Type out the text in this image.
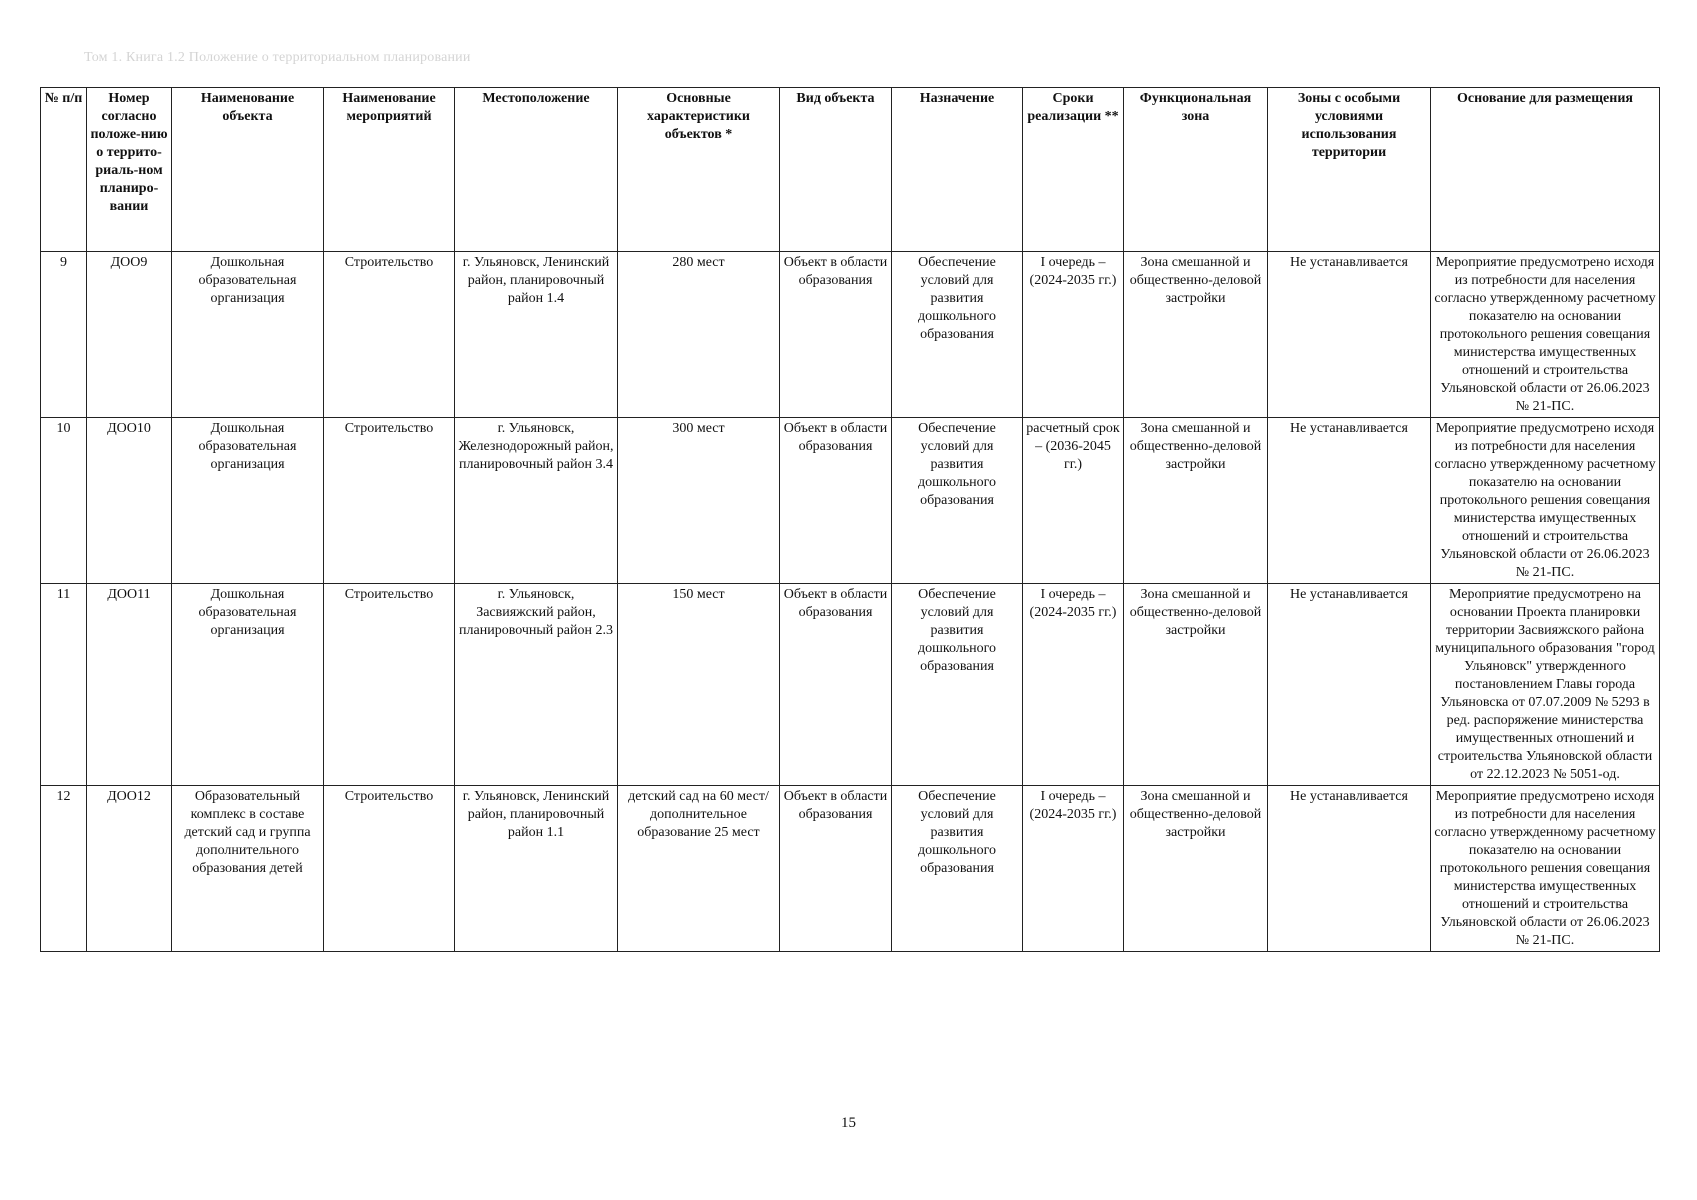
Том 1. Книга 1.2 Положение о территориальном планировании
№ п/п	Номер согласно положе-нию о террито-риаль-ном планиро-вании	Наименование объекта	Наименование мероприятий	Местоположение	Основные характеристики объектов *	Вид объекта	Назначение	Сроки реализации **	Функциональная зона	Зоны с особыми условиями использования территории	Основание для размещения
9	ДОО9	Дошкольная образовательная организация	Строительство	г. Ульяновск, Ленинский район, планировочный район 1.4	280 мест	Объект в области образования	Обеспечение условий для развития дошкольного образования	I очередь – (2024-2035 гг.)	Зона смешанной и общественно-деловой застройки	Не устанавливается	Мероприятие предусмотрено исходя из потребности для населения согласно утвержденному расчетному показателю на основании протокольного решения совещания министерства имущественных отношений и строительства Ульяновской области от 26.06.2023 № 21-ПС.
10	ДОО10	Дошкольная образовательная организация	Строительство	г. Ульяновск, Железнодорожный район, планировочный район 3.4	300 мест	Объект в области образования	Обеспечение условий для развития дошкольного образования	расчетный срок – (2036-2045 гг.)	Зона смешанной и общественно-деловой застройки	Не устанавливается	Мероприятие предусмотрено исходя из потребности для населения согласно утвержденному расчетному показателю на основании протокольного решения совещания министерства имущественных отношений и строительства Ульяновской области от 26.06.2023 № 21-ПС.
11	ДОО11	Дошкольная образовательная организация	Строительство	г. Ульяновск, Засвияжский район, планировочный район 2.3	150 мест	Объект в области образования	Обеспечение условий для развития дошкольного образования	I очередь – (2024-2035 гг.)	Зона смешанной и общественно-деловой застройки	Не устанавливается	Мероприятие предусмотрено на основании Проекта планировки территории Засвияжского района муниципального образования "город Ульяновск" утвержденного постановлением Главы города Ульяновска от 07.07.2009 № 5293 в ред. распоряжение министерства имущественных отношений и строительства Ульяновской области от 22.12.2023 № 5051-од.
12	ДОО12	Образовательный комплекс в составе детский сад и группа дополнительного образования детей	Строительство	г. Ульяновск, Ленинский район, планировочный район 1.1	детский сад на 60 мест/дополнительное образование 25 мест	Объект в области образования	Обеспечение условий для развития дошкольного образования	I очередь – (2024-2035 гг.)	Зона смешанной и общественно-деловой застройки	Не устанавливается	Мероприятие предусмотрено исходя из потребности для населения согласно утвержденному расчетному показателю на основании протокольного решения совещания министерства имущественных отношений и строительства Ульяновской области от 26.06.2023 № 21-ПС.
15
